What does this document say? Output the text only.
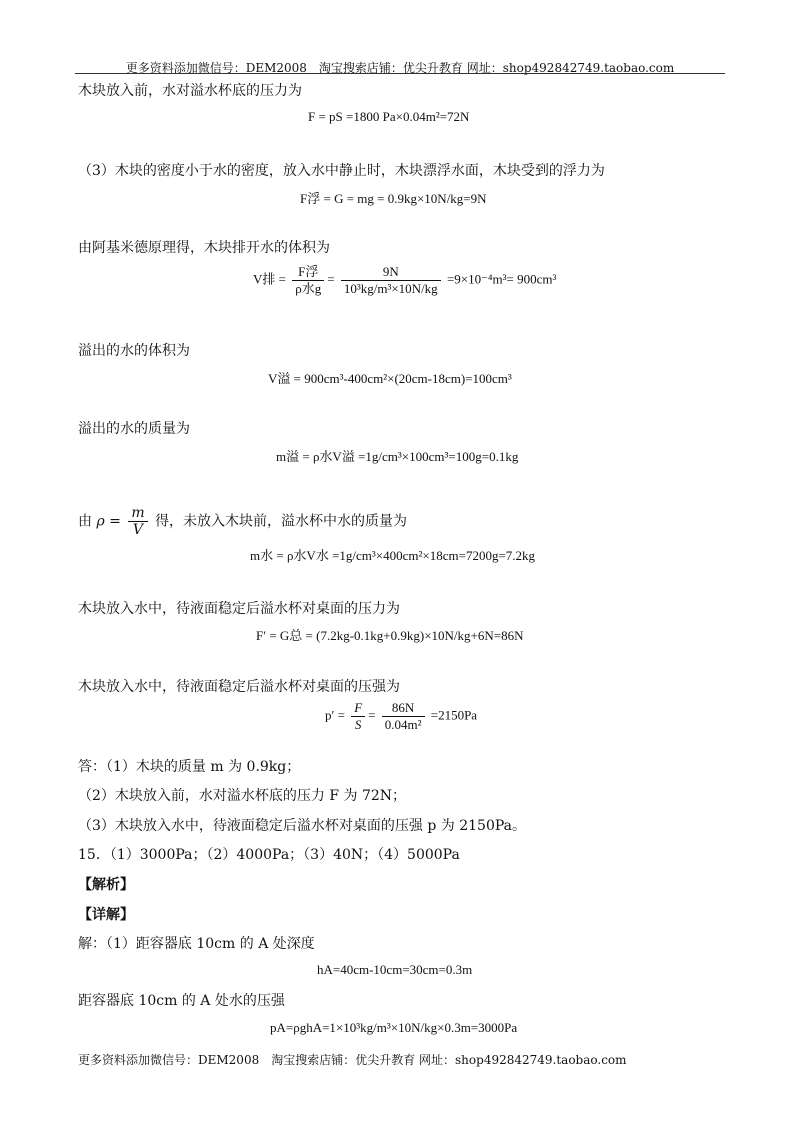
更多资料添加微信号：DEM2008　淘宝搜索店铺：优尖升教育 网址：shop492842749.taobao.com
木块放入前，水对溢水杯底的压力为
F = pS =1800 Pa×0.04m²=72N
（3）木块的密度小于水的密度，放入水中静止时，木块漂浮水面，木块受到的浮力为
F浮 = G = mg = 0.9kg×10N/kg=9N
由阿基米德原理得，木块排开水的体积为
V排 = $\frac{\text{F浮}}{\text{ρ水g}} = \frac{9N}{\text{10³kg/m³×10N/kg}} =9\times 10^{-4}m^3= 900cm^3$
溢出的水的体积为
V溢 = 900cm³-400cm²×(20cm-18cm)=100cm³
溢出的水的质量为
m溢 = ρ水V溢 =1g/cm³×100cm³=100g=0.1kg
由 $\rho = \frac{m}{V}$ 得，未放入木块前，溢水杯中水的质量为
m水 = ρ水V水 =1g/cm³×400cm²×18cm=7200g=7.2kg
木块放入水中，待液面稳定后溢水杯对桌面的压力为
F′ = G总 = (7.2kg-0.1kg+0.9kg)×10N/kg+6N=86N
木块放入水中，待液面稳定后溢水杯对桌面的压强为
$p' = \frac{F}{S} = \frac{86N}{\text{0.04m²}} =2150Pa$
答：（1）木块的质量 m 为 0.9kg；
（2）木块放入前，水对溢水杯底的压力 F 为 72N；
（3）木块放入水中，待液面稳定后溢水杯对桌面的压强 p 为 2150Pa。
15．（1）3000Pa；（2）4000Pa；（3）40N；（4）5000Pa
【解析】
【详解】
解：（1）距容器底 10cm 的 A 处深度
hA=40cm-10cm=30cm=0.3m
距容器底 10cm 的 A 处水的压强
pA=ρghA=1×10³kg/m³×10N/kg×0.3m=3000Pa
更多资料添加微信号：DEM2008　淘宝搜索店铺：优尖升教育 网址：shop492842749.taobao.com
